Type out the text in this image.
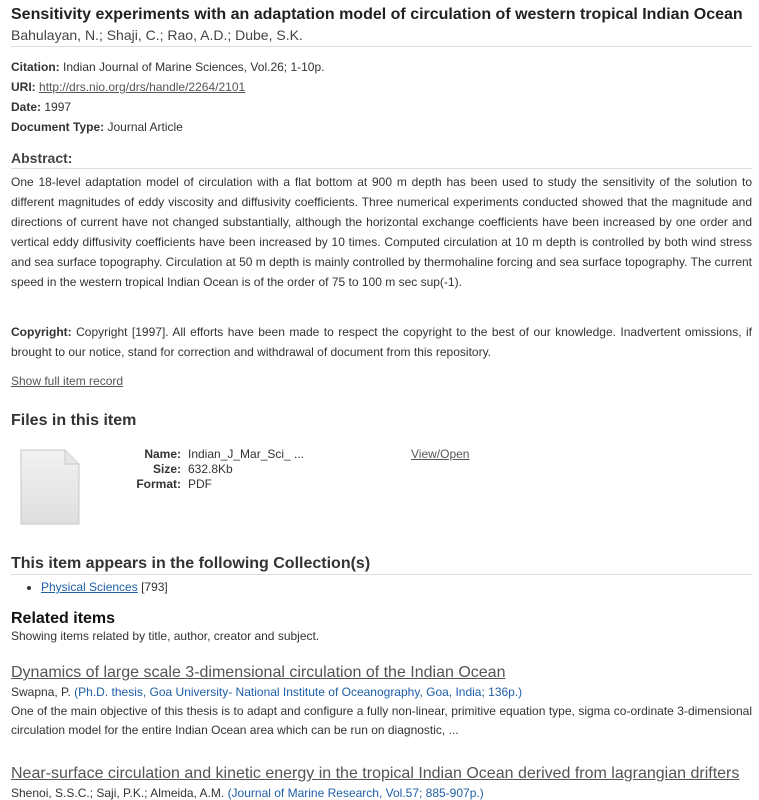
Sensitivity experiments with an adaptation model of circulation of western tropical Indian Ocean
Bahulayan, N.; Shaji, C.; Rao, A.D.; Dube, S.K.
Citation: Indian Journal of Marine Sciences, Vol.26; 1-10p.
URI: http://drs.nio.org/drs/handle/2264/2101
Date: 1997
Document Type: Journal Article
Abstract:
One 18-level adaptation model of circulation with a flat bottom at 900 m depth has been used to study the sensitivity of the solution to different magnitudes of eddy viscosity and diffusivity coefficients. Three numerical experiments conducted showed that the magnitude and directions of current have not changed substantially, although the horizontal exchange coefficients have been increased by one order and vertical eddy diffusivity coefficients have been increased by 10 times. Computed circulation at 10 m depth is controlled by both wind stress and sea surface topography. Circulation at 50 m depth is mainly controlled by thermohaline forcing and sea surface topography. The current speed in the western tropical Indian Ocean is of the order of 75 to 100 m sec sup(-1).
Copyright: Copyright [1997]. All efforts have been made to respect the copyright to the best of our knowledge. Inadvertent omissions, if brought to our notice, stand for correction and withdrawal of document from this repository.
Show full item record
Files in this item
Name: Indian_J_Mar_Sci_ ...
Size: 632.8Kb
Format: PDF
View/Open
This item appears in the following Collection(s)
• Physical Sciences [793]
Related items
Showing items related by title, author, creator and subject.
Dynamics of large scale 3-dimensional circulation of the Indian Ocean
Swapna, P. (Ph.D. thesis, Goa University- National Institute of Oceanography, Goa, India; 136p.)
One of the main objective of this thesis is to adapt and configure a fully non-linear, primitive equation type, sigma co-ordinate 3-dimensional circulation model for the entire Indian Ocean area which can be run on diagnostic, ...
Near-surface circulation and kinetic energy in the tropical Indian Ocean derived from lagrangian drifters
Shenoi, S.S.C.; Saji, P.K.; Almeida, A.M. (Journal of Marine Research, Vol.57; 885-907p.)
